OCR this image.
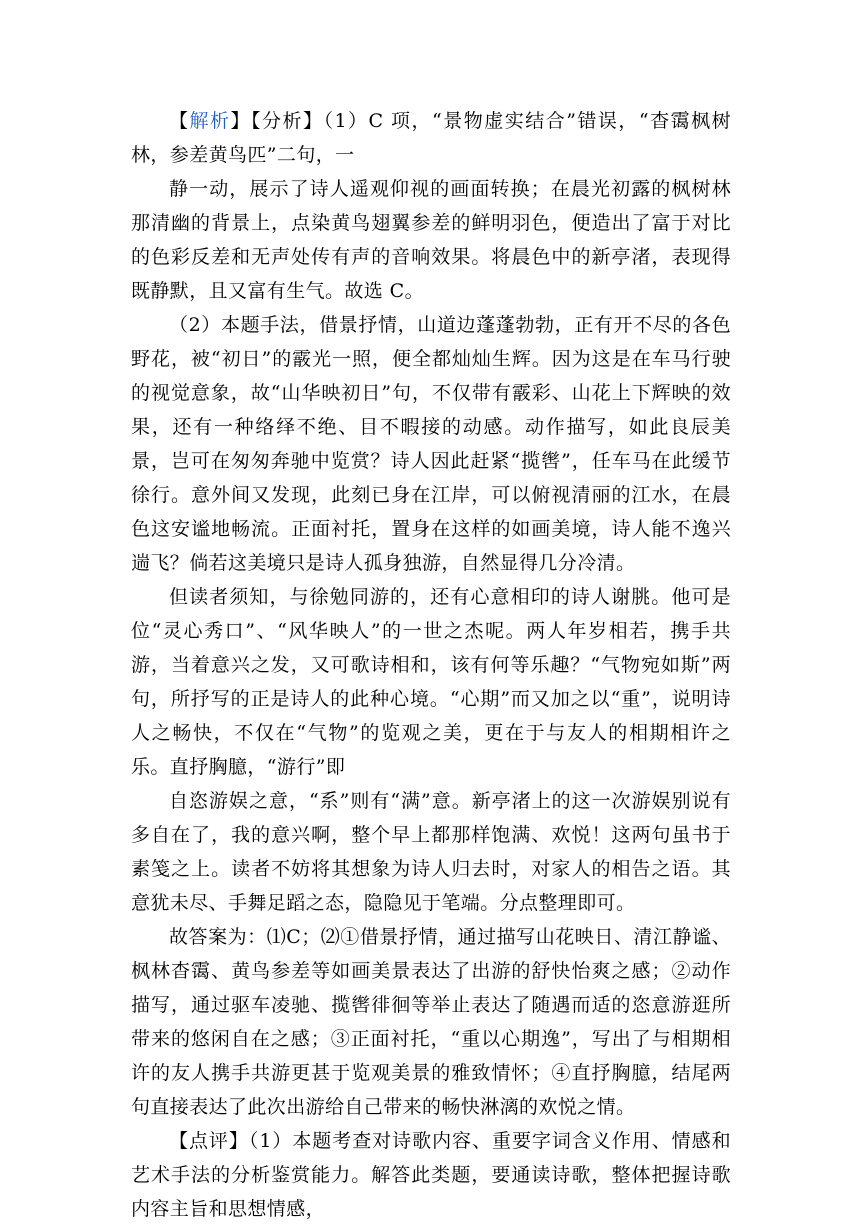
【解析】【分析】（1）C 项，“景物虚实结合”错误，“杳霭枫树林，参差黄鸟匹”二句，一

静一动，展示了诗人遥观仰视的画面转换；在晨光初露的枫树林那清幽的背景上，点染黄鸟翅翼参差的鲜明羽色，便造出了富于对比的色彩反差和无声处传有声的音响效果。将晨色中的新亭渚，表现得既静默，且又富有生气。故选 C。

（2）本题手法，借景抒情，山道边蓬蓬勃勃，正有开不尽的各色野花，被“初日”的霰光一照，便全都灿灿生辉。因为这是在车马行驶的视觉意象，故“山华映初日”句，不仅带有霰彩、山花上下辉映的效果，还有一种络绎不绝、目不暇接的动感。动作描写，如此良辰美景，岂可在匆匆奔驰中览赏？诗人因此赶紧“揽辔”，任车马在此缓节徐行。意外间又发现，此刻已身在江岸，可以俯视清丽的江水，在晨色这安谧地畅流。正面衬托，置身在这样的如画美境，诗人能不逸兴遄飞？倘若这美境只是诗人孤身独游，自然显得几分冷清。

但读者须知，与徐勉同游的，还有心意相印的诗人谢朓。他可是位“灵心秀口”、“风华映人”的一世之杰呢。两人年岁相若，携手共游，当着意兴之发，又可歌诗相和，该有何等乐趣？“气物宛如斯”两句，所抒写的正是诗人的此种心境。“心期”而又加之以“重”，说明诗人之畅快，不仅在“气物”的览观之美，更在于与友人的相期相许之乐。直抒胸臆，“游行”即

自恣游娱之意，“系”则有“满”意。新亭渚上的这一次游娱别说有多自在了，我的意兴啊，整个早上都那样饱满、欢悦！这两句虽书于素笺之上。读者不妨将其想象为诗人归去时，对家人的相告之语。其意犹未尽、手舞足蹈之态，隐隐见于笔端。分点整理即可。

故答案为：⑴C；⑵①借景抒情，通过描写山花映日、清江静谧、枫林杳霭、黄鸟参差等如画美景表达了出游的舒快怡爽之感；②动作描写，通过驱车凌驰、揽辔徘徊等举止表达了随遇而适的恣意游逛所带来的悠闲自在之感；③正面衬托，“重以心期逸”，写出了与相期相许的友人携手共游更甚于览观美景的雅致情怀；④直抒胸臆，结尾两句直接表达了此次出游给自己带来的畅快淋漓的欢悦之情。

【点评】（1）本题考查对诗歌内容、重要字词含义作用、情感和艺术手法的分析鉴赏能力。解答此类题，要通读诗歌，整体把握诗歌内容主旨和思想情感，
